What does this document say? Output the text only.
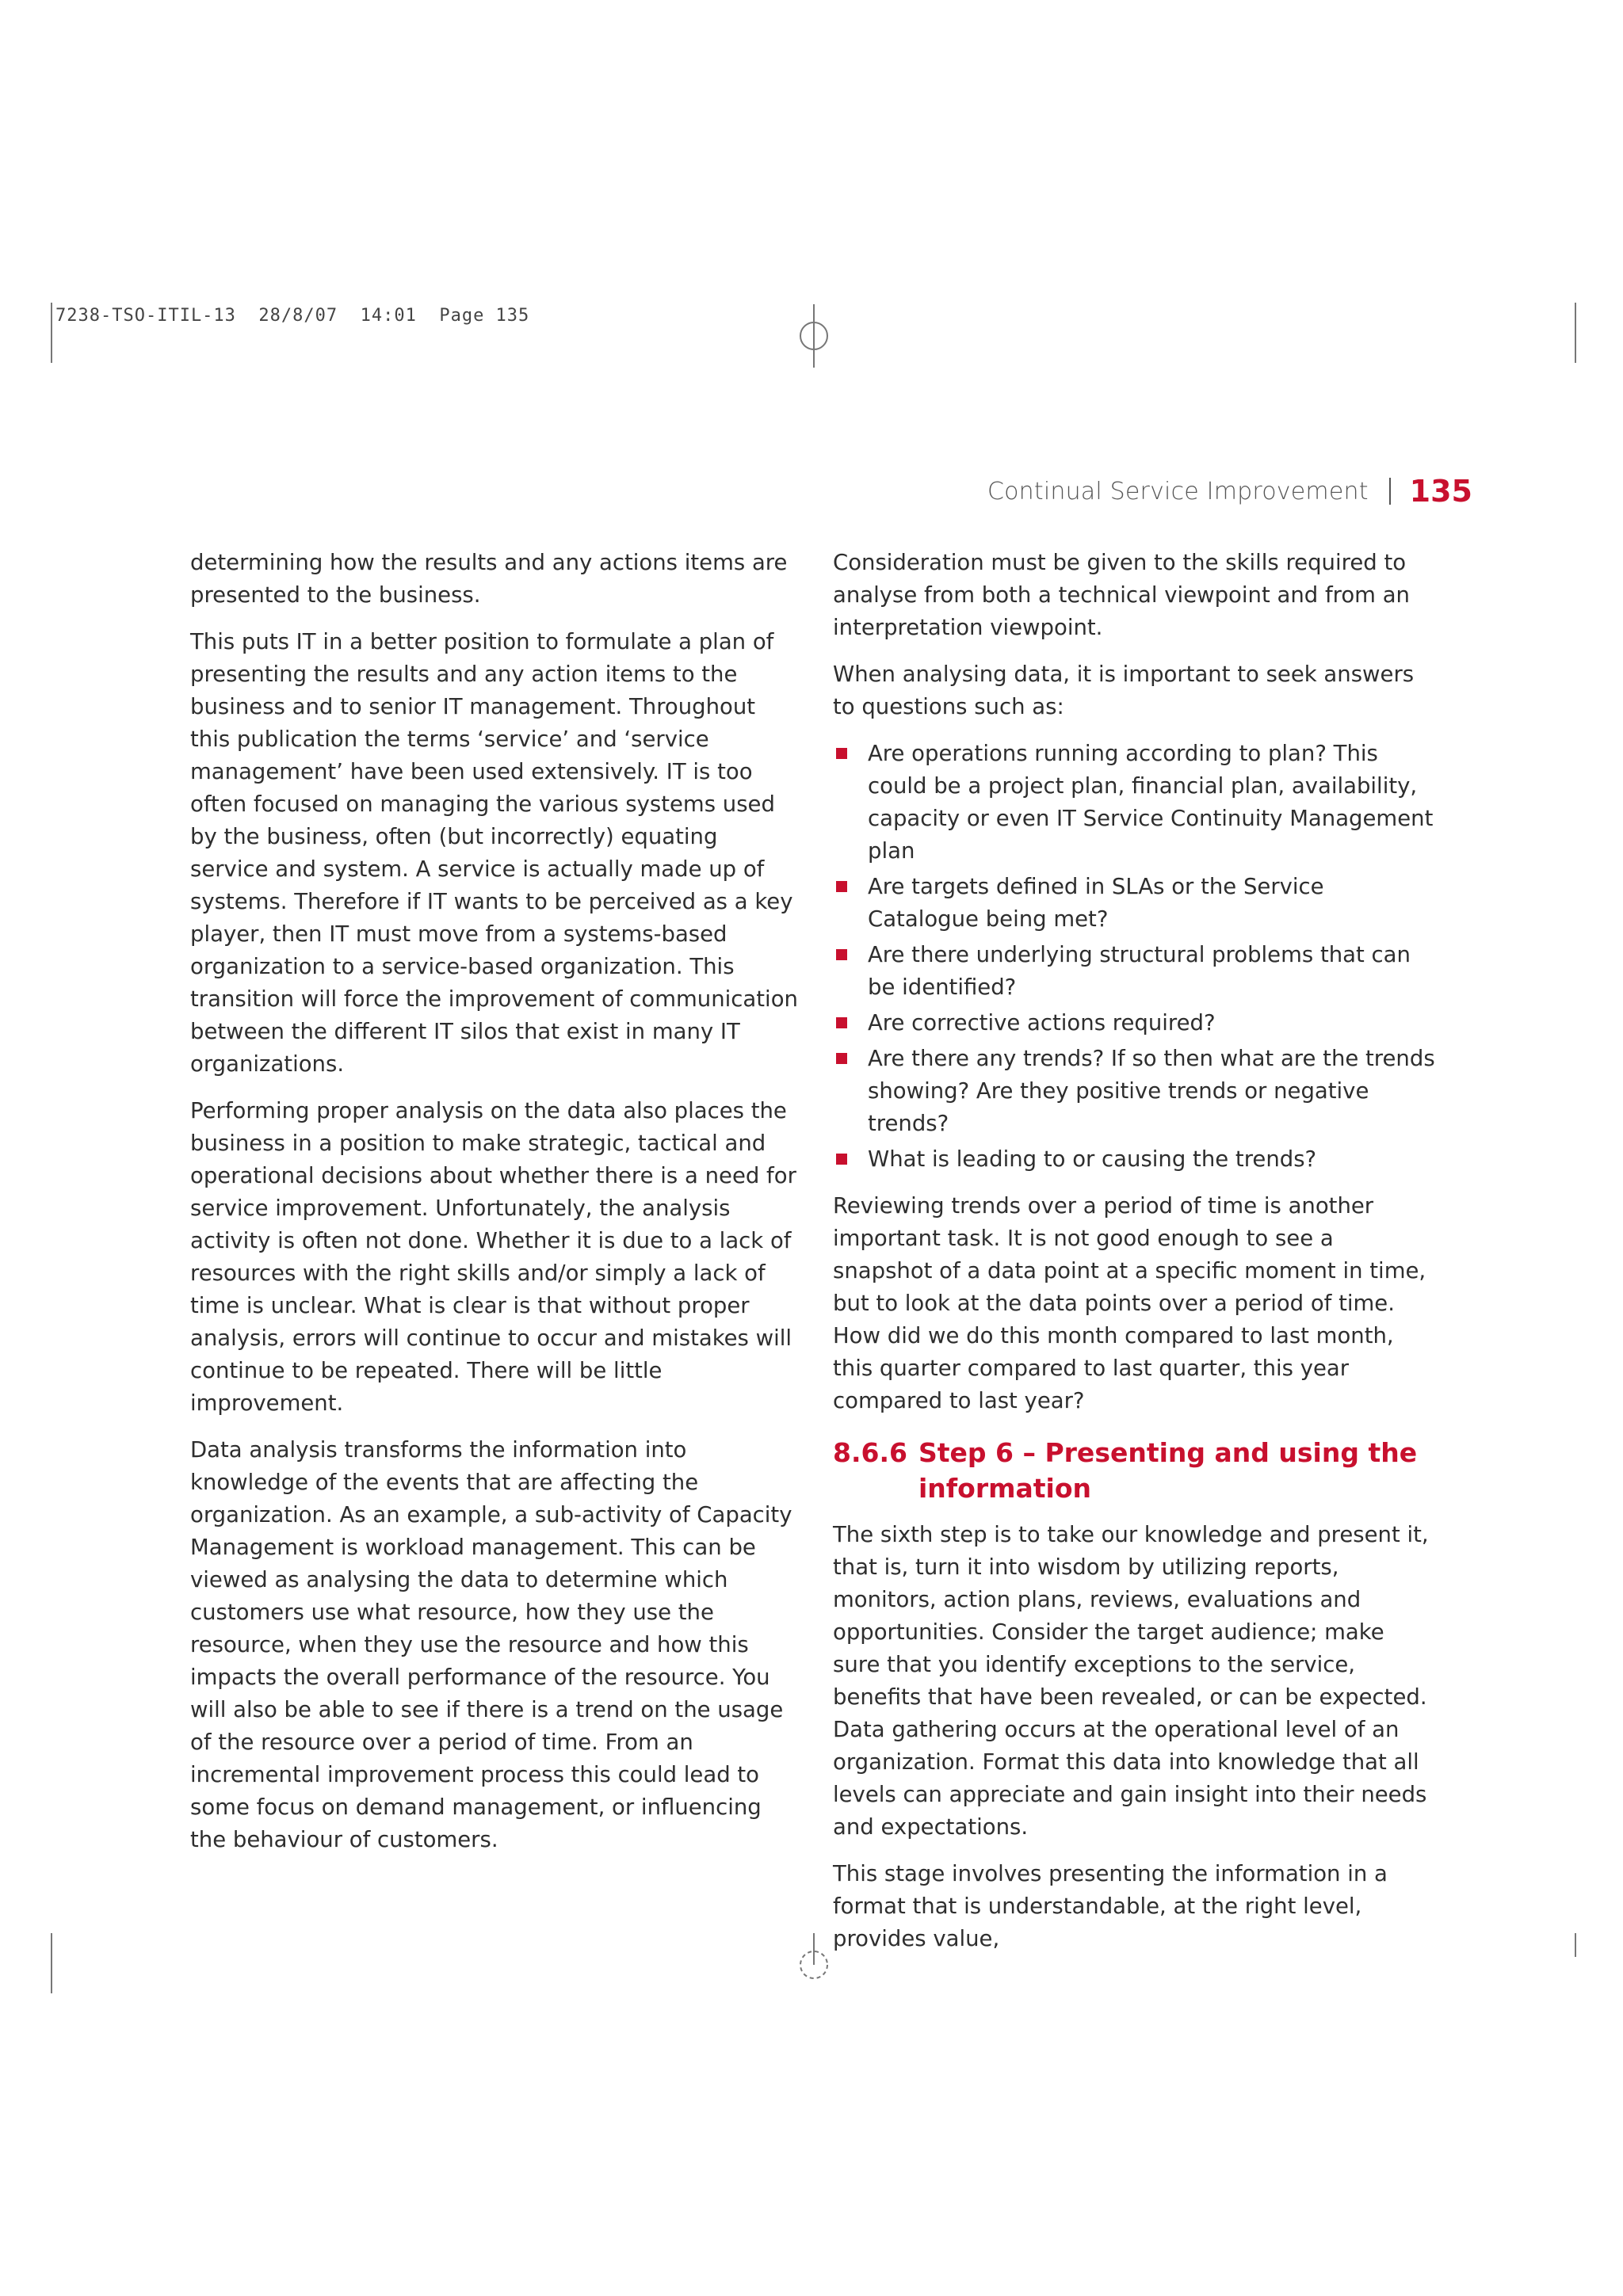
7238-TSO-ITIL-13  28/8/07  14:01  Page 135
Continual Service Improvement 135

determining how the results and any actions items are presented to the business.

This puts IT in a better position to formulate a plan of presenting the results and any action items to the business and to senior IT management. Throughout this publication the terms ‘service’ and ‘service management’ have been used extensively. IT is too often focused on managing the various systems used by the business, often (but incorrectly) equating service and system. A service is actually made up of systems. Therefore if IT wants to be perceived as a key player, then IT must move from a systems-based organization to a service-based organization. This transition will force the improvement of communication between the different IT silos that exist in many IT organizations.

Performing proper analysis on the data also places the business in a position to make strategic, tactical and operational decisions about whether there is a need for service improvement. Unfortunately, the analysis activity is often not done. Whether it is due to a lack of resources with the right skills and/or simply a lack of time is unclear. What is clear is that without proper analysis, errors will continue to occur and mistakes will continue to be repeated. There will be little improvement.

Data analysis transforms the information into knowledge of the events that are affecting the organization. As an example, a sub-activity of Capacity Management is workload management. This can be viewed as analysing the data to determine which customers use what resource, how they use the resource, when they use the resource and how this impacts the overall performance of the resource. You will also be able to see if there is a trend on the usage of the resource over a period of time. From an incremental improvement process this could lead to some focus on demand management, or influencing the behaviour of customers.

Consideration must be given to the skills required to analyse from both a technical viewpoint and from an interpretation viewpoint.

When analysing data, it is important to seek answers to questions such as:

Are operations running according to plan? This could be a project plan, financial plan, availability, capacity or even IT Service Continuity Management plan
Are targets defined in SLAs or the Service Catalogue being met?
Are there underlying structural problems that can be identified?
Are corrective actions required?
Are there any trends? If so then what are the trends showing? Are they positive trends or negative trends?
What is leading to or causing the trends?

Reviewing trends over a period of time is another important task. It is not good enough to see a snapshot of a data point at a specific moment in time, but to look at the data points over a period of time. How did we do this month compared to last month, this quarter compared to last quarter, this year compared to last year?

8.6.6 Step 6 – Presenting and using the information

The sixth step is to take our knowledge and present it, that is, turn it into wisdom by utilizing reports, monitors, action plans, reviews, evaluations and opportunities. Consider the target audience; make sure that you identify exceptions to the service, benefits that have been revealed, or can be expected. Data gathering occurs at the operational level of an organization. Format this data into knowledge that all levels can appreciate and gain insight into their needs and expectations.

This stage involves presenting the information in a format that is understandable, at the right level, provides value,
